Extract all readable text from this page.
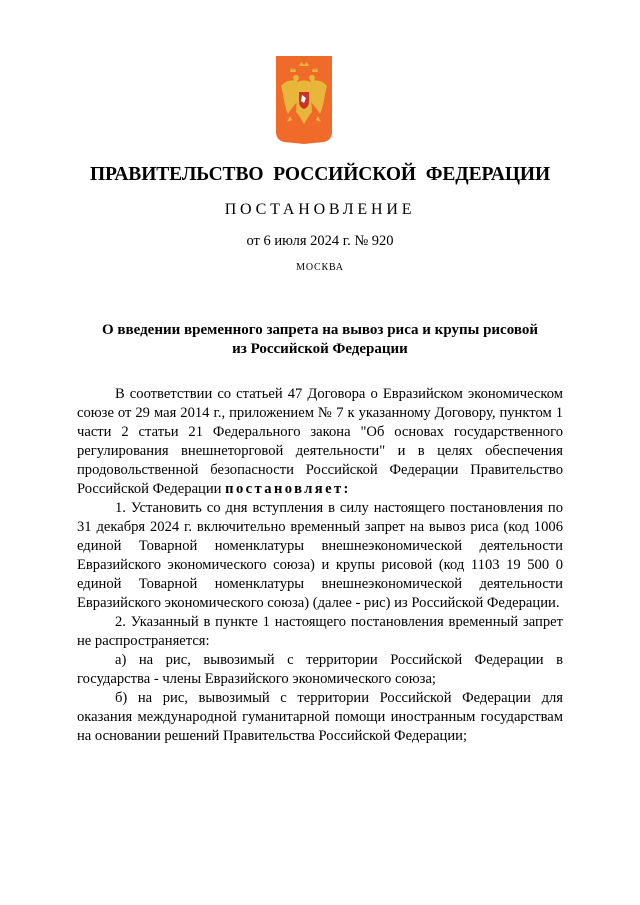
ПРАВИТЕЛЬСТВО РОССИЙСКОЙ ФЕДЕРАЦИИ
ПОСТАНОВЛЕНИЕ
от 6 июля 2024 г. № 920
МОСКВА
О введении временного запрета на вывоз риса и крупы рисовой
из Российской Федерации

В соответствии со статьей 47 Договора о Евразийском экономическом союзе от 29 мая 2014 г., приложением № 7 к указанному Договору, пунктом 1 части 2 статьи 21 Федерального закона "Об основах государственного регулирования внешнеторговой деятельности" и в целях обеспечения продовольственной безопасности Российской Федерации Правительство Российской Федерации постановляет:

1. Установить со дня вступления в силу настоящего постановления по 31 декабря 2024 г. включительно временный запрет на вывоз риса (код 1006 единой Товарной номенклатуры внешнеэкономической деятельности Евразийского экономического союза) и крупы рисовой (код 1103 19 500 0 единой Товарной номенклатуры внешнеэкономической деятельности Евразийского экономического союза) (далее - рис) из Российской Федерации.

2. Указанный в пункте 1 настоящего постановления временный запрет не распространяется:

а) на рис, вывозимый с территории Российской Федерации в государства - члены Евразийского экономического союза;

б) на рис, вывозимый с территории Российской Федерации для оказания международной гуманитарной помощи иностранным государствам на основании решений Правительства Российской Федерации;
